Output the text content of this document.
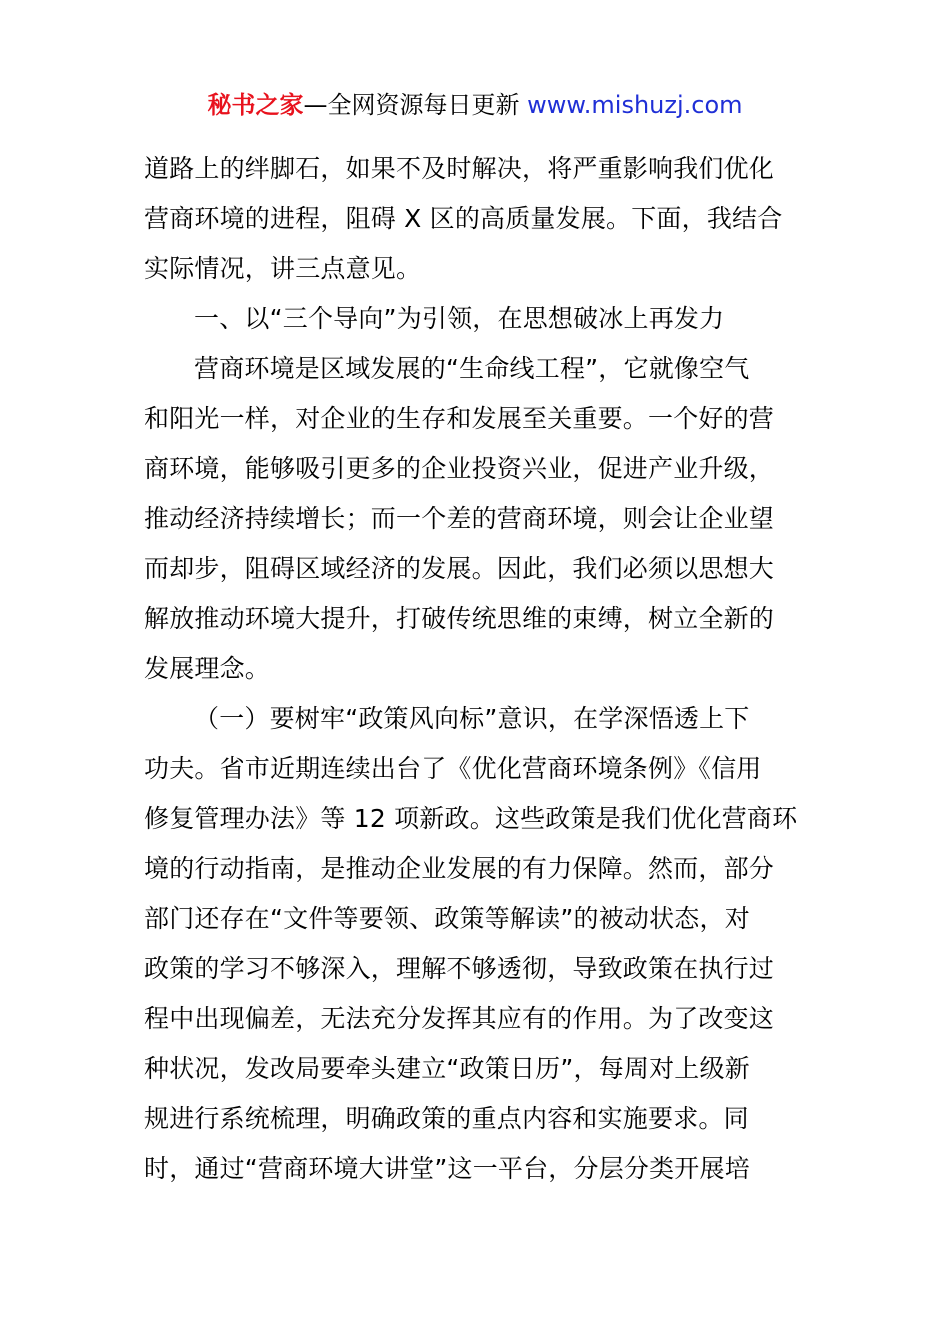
秘书之家—全网资源每日更新 www.mishuzj.com
道路上的绊脚石，如果不及时解决，将严重影响我们优化
营商环境的进程，阻碍 X 区的高质量发展。下面，我结合
实际情况，讲三点意见。
一、以“三个导向”为引领，在思想破冰上再发力
营商环境是区域发展的“生命线工程”，它就像空气
和阳光一样，对企业的生存和发展至关重要。一个好的营
商环境，能够吸引更多的企业投资兴业，促进产业升级，
推动经济持续增长；而一个差的营商环境，则会让企业望
而却步，阻碍区域经济的发展。因此，我们必须以思想大
解放推动环境大提升，打破传统思维的束缚，树立全新的
发展理念。
（一）要树牢“政策风向标”意识，在学深悟透上下
功夫。省市近期连续出台了《优化营商环境条例》《信用
修复管理办法》等 12 项新政。这些政策是我们优化营商环
境的行动指南，是推动企业发展的有力保障。然而，部分
部门还存在“文件等要领、政策等解读”的被动状态，对
政策的学习不够深入，理解不够透彻，导致政策在执行过
程中出现偏差，无法充分发挥其应有的作用。为了改变这
种状况，发改局要牵头建立“政策日历”，每周对上级新
规进行系统梳理，明确政策的重点内容和实施要求。同
时，通过“营商环境大讲堂”这一平台，分层分类开展培
